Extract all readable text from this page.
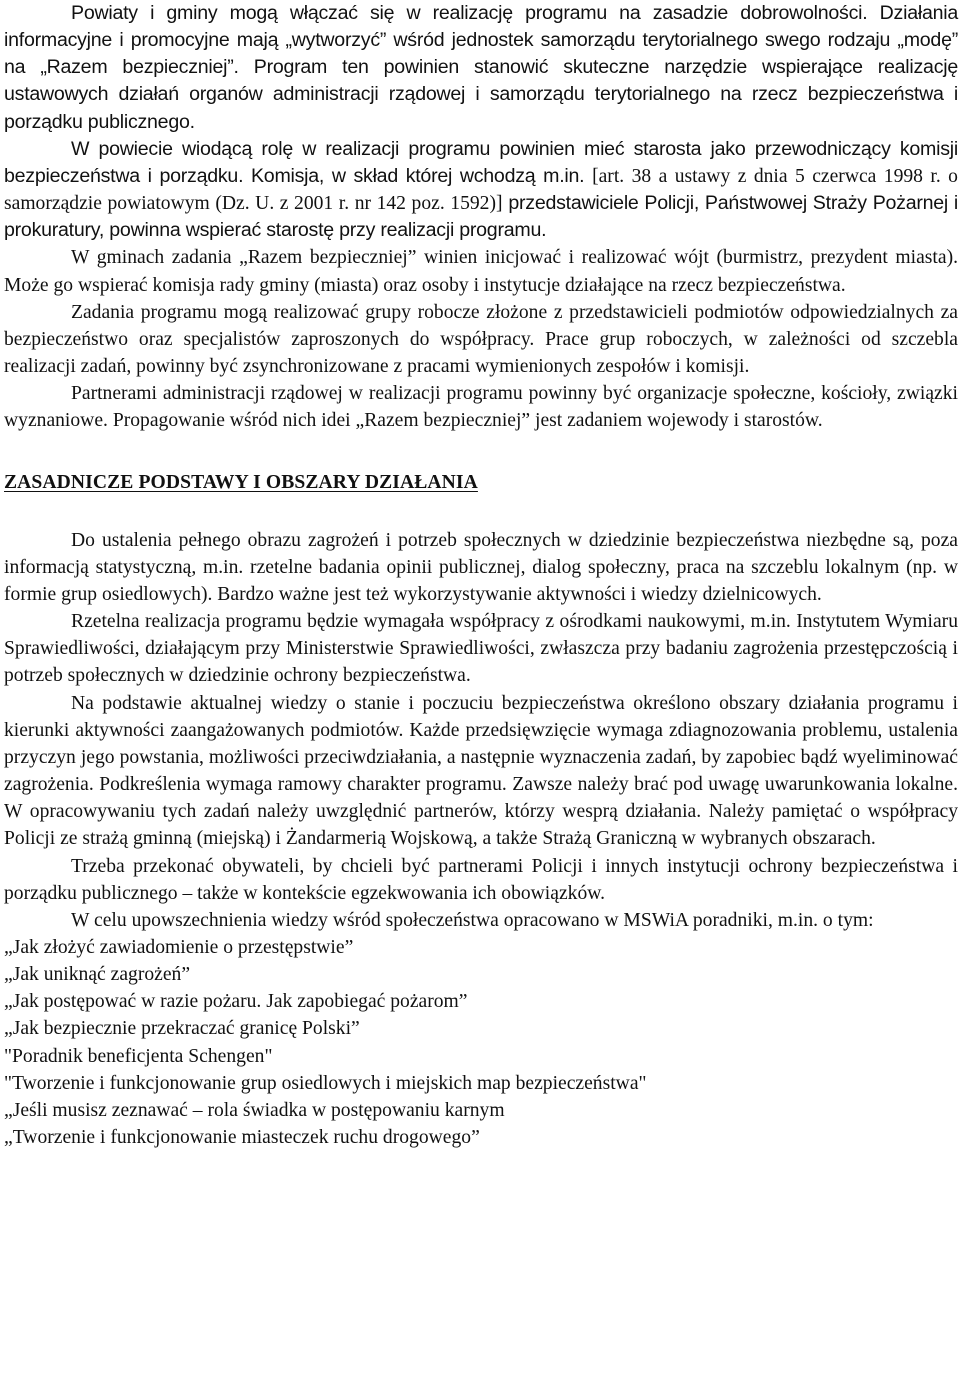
Powiaty i gminy mogą włączać się w realizację programu na zasadzie dobrowolności. Działania informacyjne i promocyjne mają „wytworzyć” wśród jednostek samorządu terytorialnego swego rodzaju „modę” na „Razem bezpieczniej”. Program ten powinien stanowić skuteczne narzędzie wspierające realizację ustawowych działań organów administracji rządowej i samorządu terytorialnego na rzecz bezpieczeństwa i porządku publicznego.

W powiecie wiodącą rolę w realizacji programu powinien mieć starosta jako przewodniczący komisji bezpieczeństwa i porządku. Komisja, w skład której wchodzą m.in. [art. 38 a ustawy z dnia 5 czerwca 1998 r. o samorządzie powiatowym (Dz. U. z 2001 r. nr 142 poz. 1592)] przedstawiciele Policji, Państwowej Straży Pożarnej i prokuratury, powinna wspierać starostę przy realizacji programu.

W gminach zadania „Razem bezpieczniej” winien inicjować i realizować wójt (burmistrz, prezydent miasta). Może go wspierać komisja rady gminy (miasta) oraz osoby i instytucje działające na rzecz bezpieczeństwa.

Zadania programu mogą realizować grupy robocze złożone z przedstawicieli podmiotów odpowiedzialnych za bezpieczeństwo oraz specjalistów zaproszonych do współpracy. Prace grup roboczych, w zależności od szczebla realizacji zadań, powinny być zsynchronizowane z pracami wymienionych zespołów i komisji.

Partnerami administracji rządowej w realizacji programu powinny być organizacje społeczne, kościoły, związki wyznaniowe. Propagowanie wśród nich idei „Razem bezpieczniej” jest zadaniem wojewody i starostów.

ZASADNICZE PODSTAWY I OBSZARY DZIAŁANIA

Do ustalenia pełnego obrazu zagrożeń i potrzeb społecznych w dziedzinie bezpieczeństwa niezbędne są, poza informacją statystyczną, m.in. rzetelne badania opinii publicznej, dialog społeczny, praca na szczeblu lokalnym (np. w formie grup osiedlowych). Bardzo ważne jest też wykorzystywanie aktywności i wiedzy dzielnicowych.

Rzetelna realizacja programu będzie wymagała współpracy z ośrodkami naukowymi, m.in. Instytutem Wymiaru Sprawiedliwości, działającym przy Ministerstwie Sprawiedliwości, zwłaszcza przy badaniu zagrożenia przestępczością i potrzeb społecznych w dziedzinie ochrony bezpieczeństwa.

Na podstawie aktualnej wiedzy o stanie i poczuciu bezpieczeństwa określono obszary działania programu i kierunki aktywności zaangażowanych podmiotów. Każde przedsięwzięcie wymaga zdiagnozowania problemu, ustalenia przyczyn jego powstania, możliwości przeciwdziałania, a następnie wyznaczenia zadań, by zapobiec bądź wyeliminować zagrożenia. Podkreślenia wymaga ramowy charakter programu. Zawsze należy brać pod uwagę uwarunkowania lokalne. W opracowywaniu tych zadań należy uwzględnić partnerów, którzy wesprą działania. Należy pamiętać o współpracy Policji ze strażą gminną (miejską) i Żandarmerią Wojskową, a także Strażą Graniczną w wybranych obszarach.

Trzeba przekonać obywateli, by chcieli być partnerami Policji i innych instytucji ochrony bezpieczeństwa i porządku publicznego – także w kontekście egzekwowania ich obowiązków.

W celu upowszechnienia wiedzy wśród społeczeństwa opracowano w MSWiA poradniki, m.in. o tym:

„Jak złożyć zawiadomienie o przestępstwie”
„Jak uniknąć zagrożeń”
„Jak postępować w razie pożaru. Jak zapobiegać pożarom”
„Jak bezpiecznie przekraczać granicę Polski”
"Poradnik beneficjenta Schengen"
"Tworzenie i funkcjonowanie grup osiedlowych i miejskich map bezpieczeństwa"
„Jeśli musisz zeznawać – rola świadka w postępowaniu karnym
„Tworzenie i funkcjonowanie miasteczek ruchu drogowego”
